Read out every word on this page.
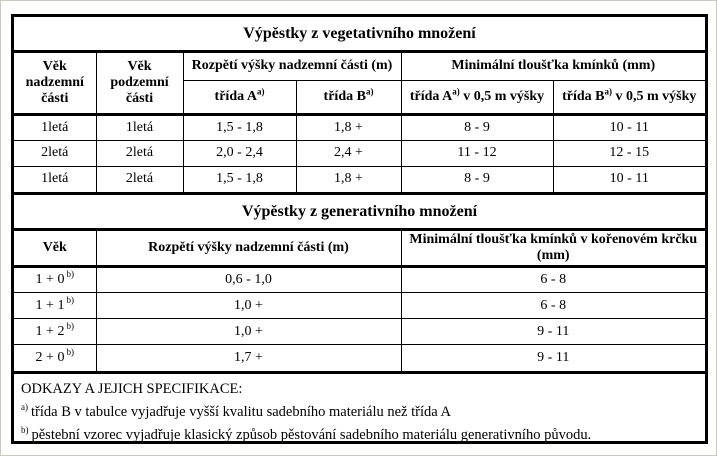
Výpěstky z vegetativního množení
Věk nadzemní části	Věk podzemní části	Rozpětí výšky nadzemní části (m)		Minimální tloušťka kmínků (mm)	
		třída $A^{a)}$	třída $B^{a)}$	třída $A^{a)}$ v 0,5 m výšky	třída $B^{a)}$ v 0,5 m výšky
1letá	1letá	1,5 - 1,8	1,8 +	8 - 9	10 - 11
2letá	2letá	2,0 - 2,4	2,4 +	11 - 12	12 - 15
1letá	2letá	1,5 - 1,8	1,8 +	8 - 9	10 - 11
Výpěstky z generativního množení
Věk	Rozpětí výšky nadzemní části (m)	Minimální tloušťka kmínků v kořenovém krčku (mm)
1 + 0 $^{b)}$	0,6 - 1,0	6 - 8
1 + 1 $^{b)}$	1,0 +	6 - 8
1 + 2 $^{b)}$	1,0 +	9 - 11
2 + 0 $^{b)}$	1,7 +	9 - 11
ODKAZY A JEJICH SPECIFIKACE:
$^{a)}$ třída B v tabulce vyjadřuje vyšší kvalitu sadebního materiálu než třída A
$^{b)}$ pěstební vzorec vyjadřuje klasický způsob pěstování sadebního materiálu generativního původu.
